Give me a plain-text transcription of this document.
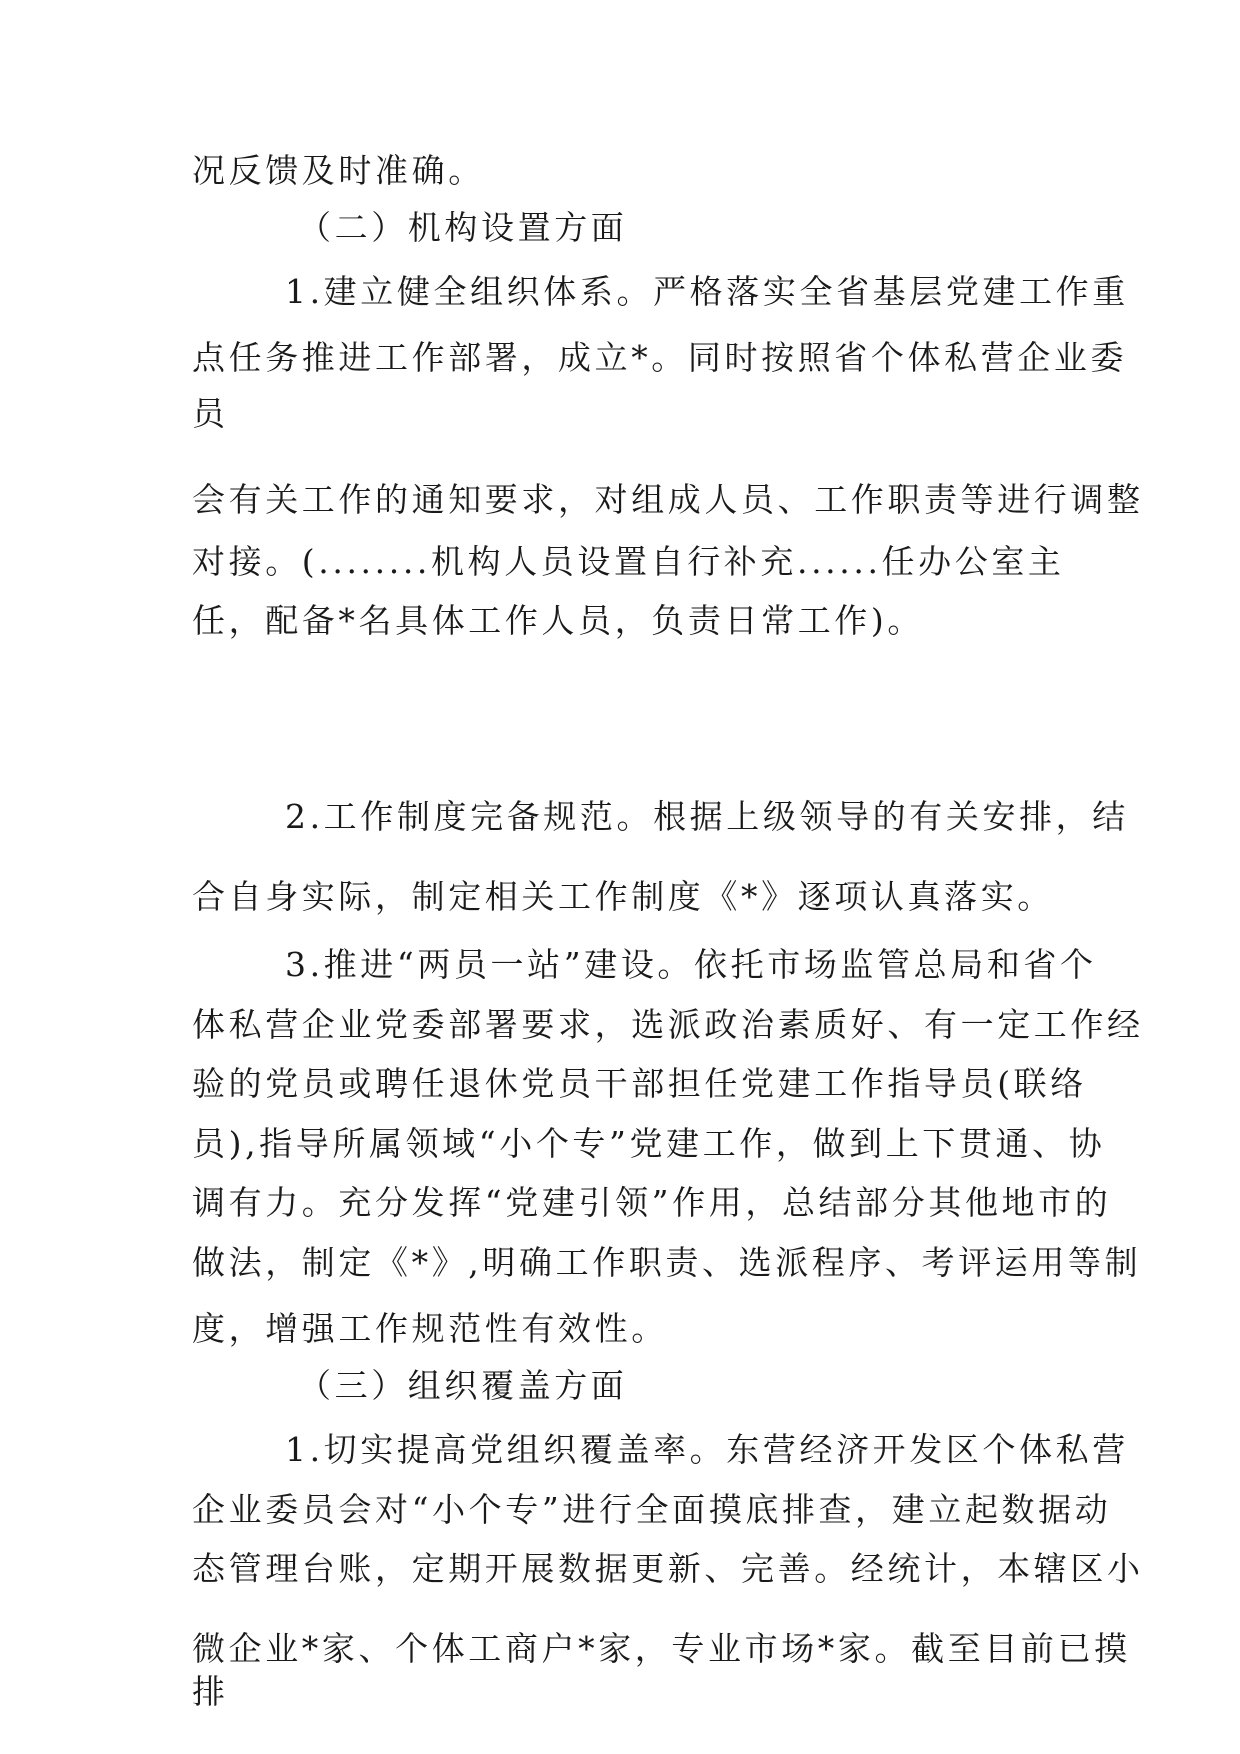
况反馈及时准确。
（二）机构设置方面
1.建立健全组织体系。严格落实全省基层党建工作重
点任务推进工作部署，成立*。同时按照省个体私营企业委
员
会有关工作的通知要求，对组成人员、工作职责等进行调整
对接。(........机构人员设置自行补充......任办公室主
任，配备*名具体工作人员，负责日常工作)。
2.工作制度完备规范。根据上级领导的有关安排，结
合自身实际，制定相关工作制度《*》逐项认真落实。
3.推进“两员一站”建设。依托市场监管总局和省个
体私营企业党委部署要求，选派政治素质好、有一定工作经
验的党员或聘任退休党员干部担任党建工作指导员(联络
员),指导所属领域“小个专”党建工作，做到上下贯通、协
调有力。充分发挥“党建引领”作用，总结部分其他地市的
做法，制定《*》,明确工作职责、选派程序、考评运用等制
度，增强工作规范性有效性。
（三）组织覆盖方面
1.切实提高党组织覆盖率。东营经济开发区个体私营
企业委员会对“小个专”进行全面摸底排查，建立起数据动
态管理台账，定期开展数据更新、完善。经统计，本辖区小
微企业*家、个体工商户*家，专业市场*家。截至目前已摸
排
